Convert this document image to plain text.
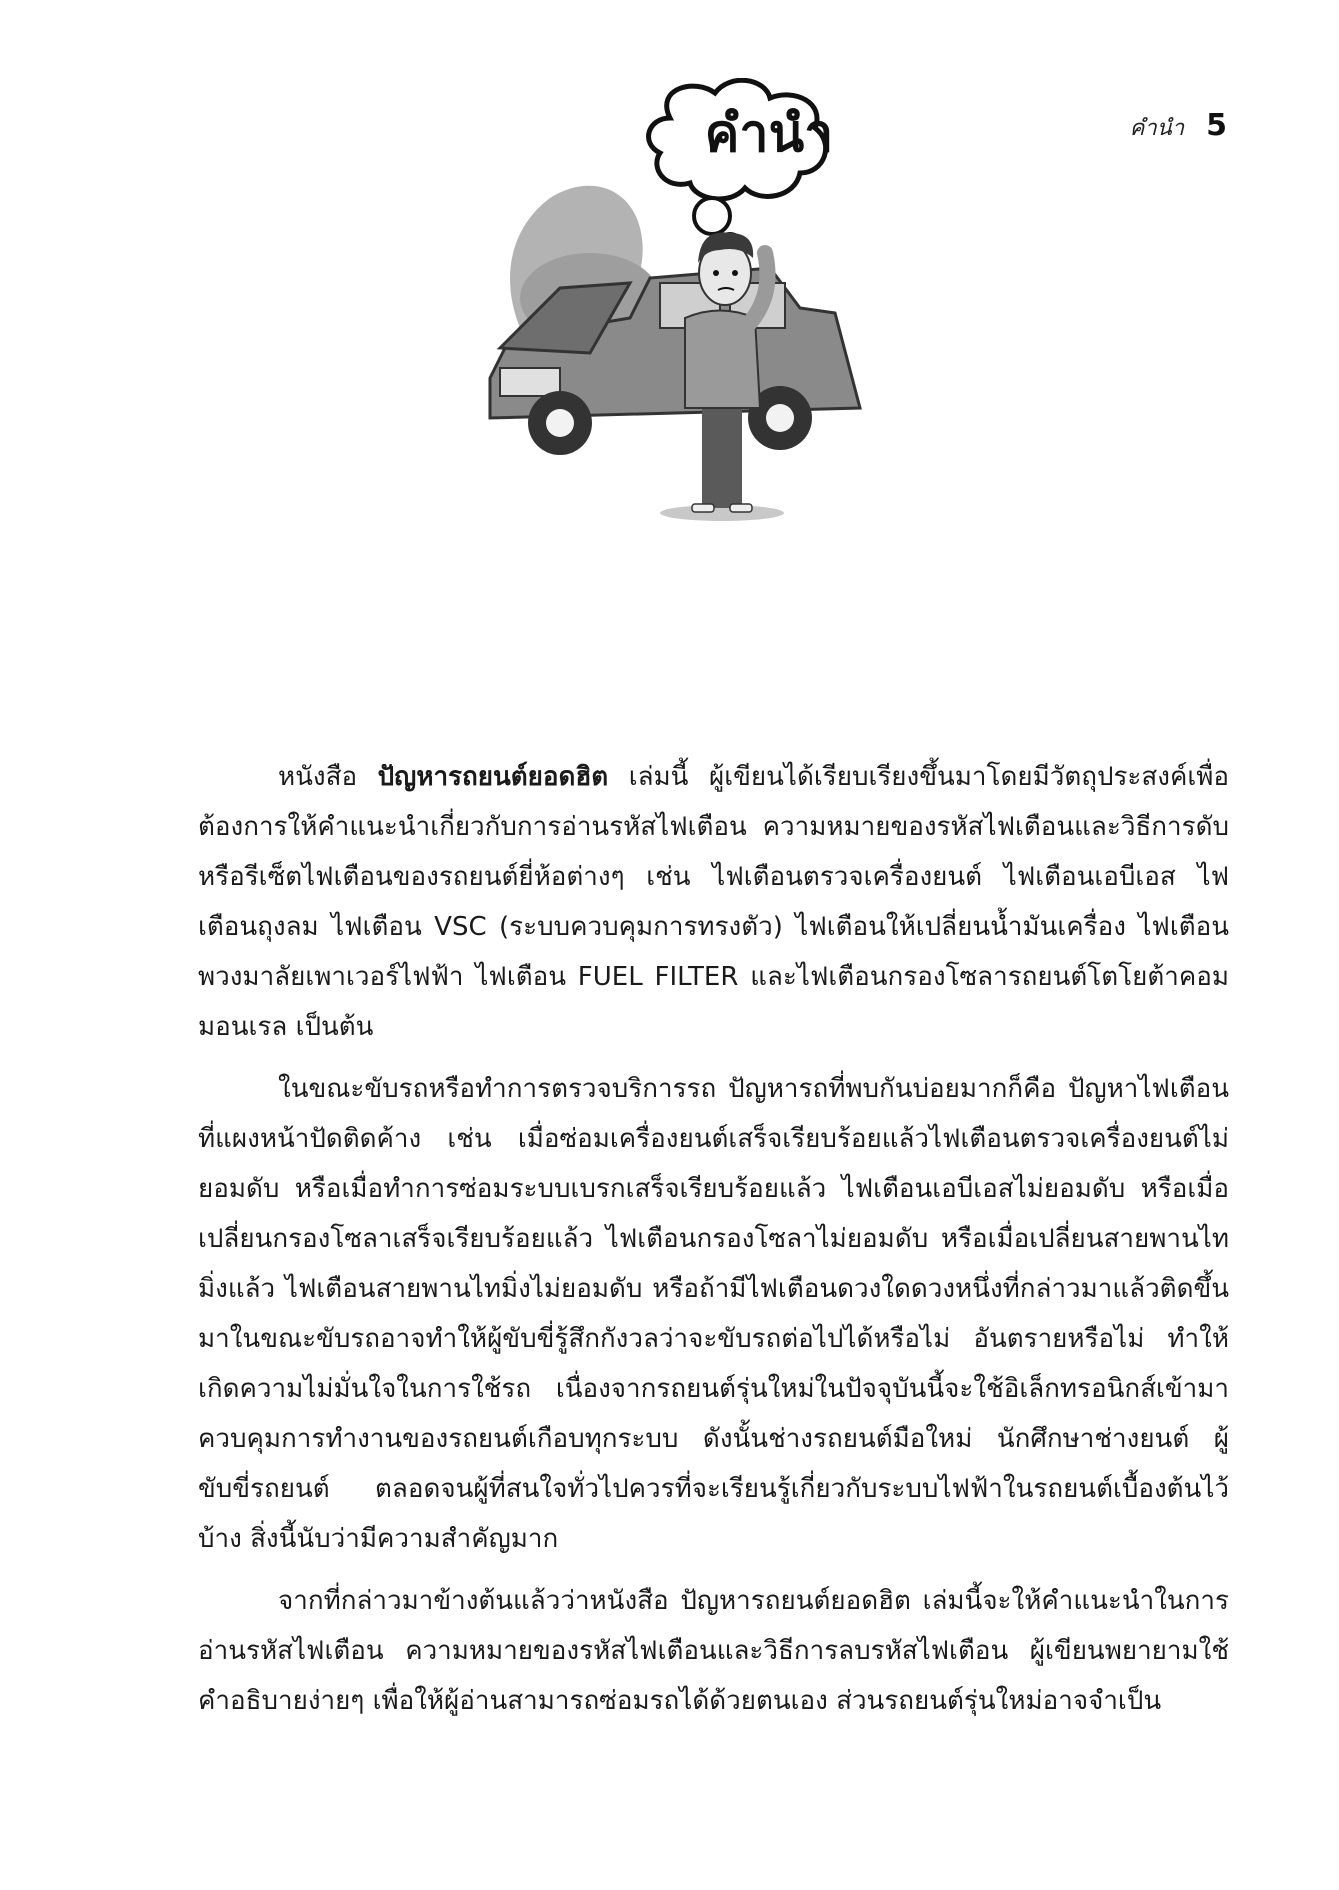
คำนำ 5
คำนำ

หนังสือ ปัญหารถยนต์ยอดฮิต เล่มนี้ ผู้เขียนได้เรียบเรียงขึ้นมาโดยมีวัตถุประสงค์เพื่อต้องการให้คำแนะนำเกี่ยวกับการอ่านรหัสไฟเตือน ความหมายของรหัสไฟเตือนและวิธีการดับหรือรีเซ็ตไฟเตือนของรถยนต์ยี่ห้อต่างๆ เช่น ไฟเตือนตรวจเครื่องยนต์ ไฟเตือนเอบีเอส ไฟเตือนถุงลม ไฟเตือน VSC (ระบบควบคุมการทรงตัว) ไฟเตือนให้เปลี่ยนน้ำมันเครื่อง ไฟเตือนพวงมาลัยเพาเวอร์ไฟฟ้า ไฟเตือน FUEL FILTER และไฟเตือนกรองโซลารถยนต์โตโยต้าคอมมอนเรล เป็นต้น

ในขณะขับรถหรือทำการตรวจบริการรถ ปัญหารถที่พบกันบ่อยมากก็คือ ปัญหาไฟเตือนที่แผงหน้าปัดติดค้าง เช่น เมื่อซ่อมเครื่องยนต์เสร็จเรียบร้อยแล้วไฟเตือนตรวจเครื่องยนต์ไม่ยอมดับ หรือเมื่อทำการซ่อมระบบเบรกเสร็จเรียบร้อยแล้ว ไฟเตือนเอบีเอสไม่ยอมดับ หรือเมื่อเปลี่ยนกรองโซลาเสร็จเรียบร้อยแล้ว ไฟเตือนกรองโซลาไม่ยอมดับ หรือเมื่อเปลี่ยนสายพานไทมิ่งแล้ว ไฟเตือนสายพานไทมิ่งไม่ยอมดับ หรือถ้ามีไฟเตือนดวงใดดวงหนึ่งที่กล่าวมาแล้วติดขึ้นมาในขณะขับรถอาจทำให้ผู้ขับขี่รู้สึกกังวลว่าจะขับรถต่อไปได้หรือไม่ อันตรายหรือไม่ ทำให้เกิดความไม่มั่นใจในการใช้รถ เนื่องจากรถยนต์รุ่นใหม่ในปัจจุบันนี้จะใช้อิเล็กทรอนิกส์เข้ามาควบคุมการทำงานของรถยนต์เกือบทุกระบบ ดังนั้นช่างรถยนต์มือใหม่ นักศึกษาช่างยนต์ ผู้ขับขี่รถยนต์ ตลอดจนผู้ที่สนใจทั่วไปควรที่จะเรียนรู้เกี่ยวกับระบบไฟฟ้าในรถยนต์เบื้องต้นไว้บ้าง สิ่งนี้นับว่ามีความสำคัญมาก

จากที่กล่าวมาข้างต้นแล้วว่าหนังสือ ปัญหารถยนต์ยอดฮิต เล่มนี้จะให้คำแนะนำในการอ่านรหัสไฟเตือน ความหมายของรหัสไฟเตือนและวิธีการลบรหัสไฟเตือน ผู้เขียนพยายามใช้คำอธิบายง่ายๆ เพื่อให้ผู้อ่านสามารถซ่อมรถได้ด้วยตนเอง ส่วนรถยนต์รุ่นใหม่อาจจำเป็น
